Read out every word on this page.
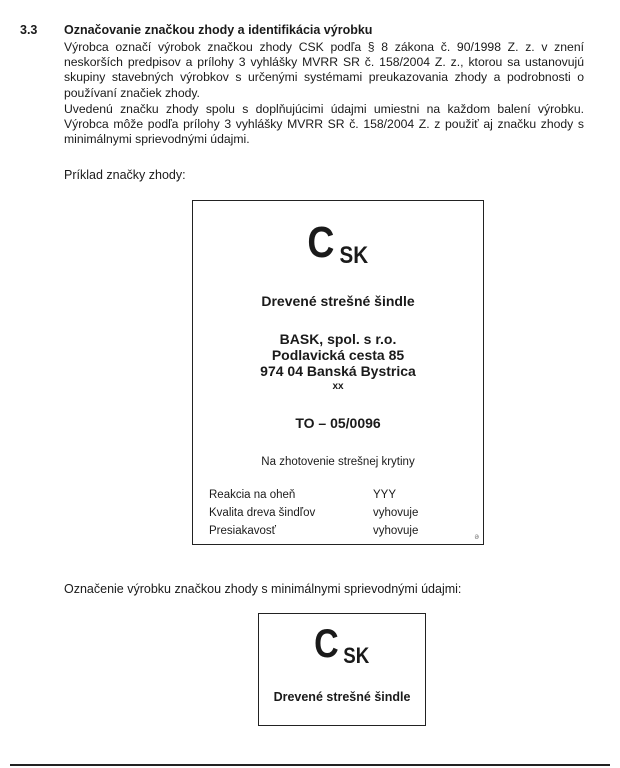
3.3 Označovanie značkou zhody a identifikácia výrobku
Výrobca označí výrobok značkou zhody CSK podľa § 8 zákona č. 90/1998 Z. z. v znení neskorších predpisov a prílohy 3 vyhlášky MVRR SR č. 158/2004 Z. z., ktorou sa ustanovujú skupiny stavebných výrobkov s určenými systémami preukazovania zhody a podrobnosti o používaní značiek zhody.
Uvedenú značku zhody spolu s doplňujúcimi údajmi umiestni na každom balení výrobku. Výrobca môže podľa prílohy 3 vyhlášky MVRR SR č. 158/2004 Z. z použiť aj značku zhody s minimálnymi sprievodnými údajmi.
Príklad značky zhody:
C SK
Drevené strešné šindle
BASK, spol. s r.o.
Podlavická cesta 85
974 04 Banská Bystrica
xx
TO – 05/0096
Na zhotovenie strešnej krytiny
Reakcia na oheň	YYY
Kvalita dreva šindľov	vyhovuje
Presiakavosť	vyhovuje	ǝ
Označenie výrobku značkou zhody s minimálnymi sprievodnými údajmi:
C SK
Drevené strešné šindle
